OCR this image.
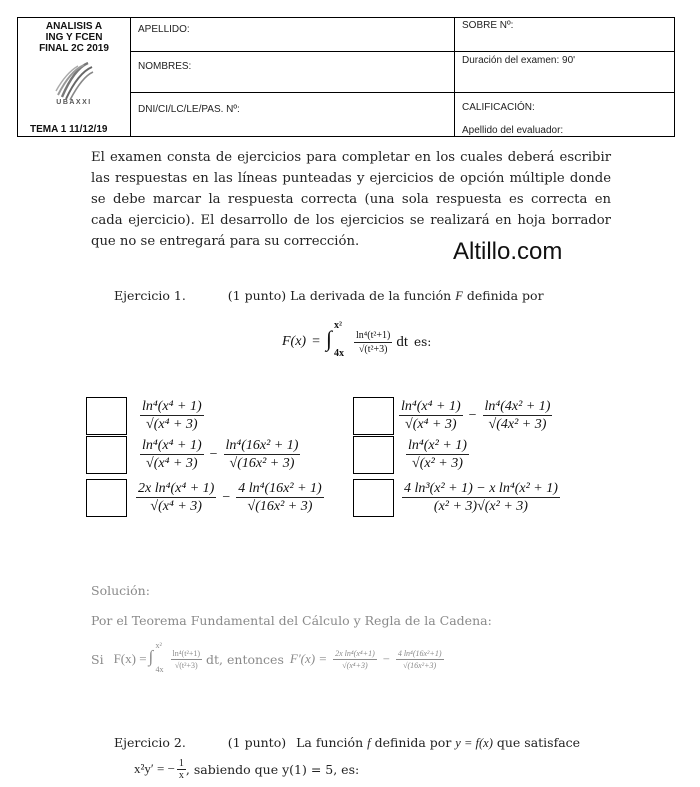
ANALISIS A
ING Y FCEN
FINAL 2C 2019
UBAXXI
TEMA 1 11/12/19
APELLIDO:
NOMBRES:
DNI/CI/LC/LE/PAS. Nº:
SOBRE Nº:
Duración del examen: 90'
CALIFICACIÓN:
Apellido del evaluador:
El examen consta de ejercicios para completar en los cuales deberá escribir las respuestas en las líneas punteadas y ejercicios de opción múltiple donde se debe marcar la respuesta correcta (una sola respuesta es correcta en cada ejercicio). El desarrollo de los ejercicios se realizará en hoja borrador que no se entregará para su corrección.	Altillo.com
Ejercicio 1.	(1 punto) La derivada de la función F definida por
F(x) = ∫
x²
$4x \frac{\text{ln⁴(t²+1)}}{\text{√(t²+3)}}$ dt es:
$\frac{\text{ln⁴(x⁴ + 1)}}{\text{√(x⁴ + 3)}}$
$\frac{\text{ln⁴(x⁴ + 1)}}{\text{√(x⁴ + 3)}} - \frac{\text{ln⁴(16x² + 1)}}{\text{√(16x² + 3)}}$
$\frac{\text{2x ln⁴(x⁴ + 1)}}{\text{√(x⁴ + 3)}} - \frac{\text{4 ln⁴(16x² + 1)}}{\text{√(16x² + 3)}}$
$\frac{\text{ln⁴(x⁴ + 1)}}{\text{√(x⁴ + 3)}} - \frac{\text{ln⁴(4x² + 1)}}{\text{√(4x² + 3)}}$
$\frac{\text{ln⁴(x² + 1)}}{\text{√(x² + 3)}}$
$\frac{\text{4 ln³(x² + 1) − x ln⁴(x² + 1)}}{\text{(x² + 3)√(x² + 3)}}$
Solución:
Por el Teorema Fundamental del Cálculo y Regla de la Cadena:
Si F(x) = ∫
x²
$4x \frac{\text{ln⁴(t²+1)}}{\text{√(t²+3)}}$ dt, entonces $F'(x) = \frac{\text{2x ln⁴(x⁴+1)}}{\text{√(x⁴+3)}} - \frac{\text{4 ln⁴(16x²+1)}}{\text{√(16x²+3)}}$
Ejercicio 2.	(1 punto) La función f definida por y = f(x) que satisface
x²y′ = − $\frac{1}{x}$ , sabiendo que y(1) = 5, es:
